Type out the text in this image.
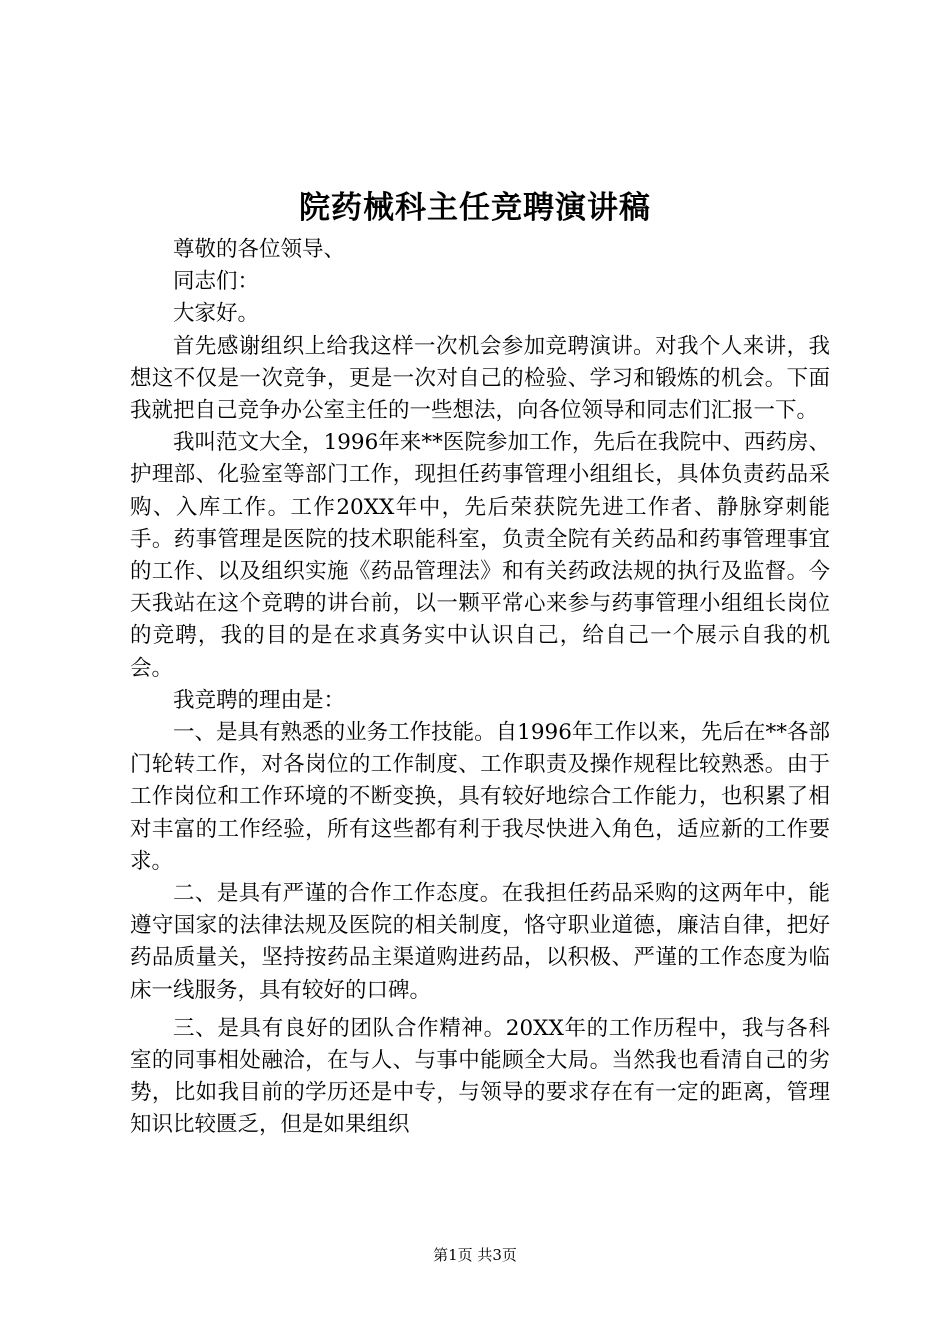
院药械科主任竞聘演讲稿

尊敬的各位领导、

同志们：

大家好。

首先感谢组织上给我这样一次机会参加竞聘演讲。对我个人来讲，我想这不仅是一次竞争，更是一次对自己的检验、学习和锻炼的机会。下面我就把自己竞争办公室主任的一些想法，向各位领导和同志们汇报一下。

我叫范文大全，1996年来**医院参加工作，先后在我院中、西药房、护理部、化验室等部门工作，现担任药事管理小组组长，具体负责药品采购、入库工作。工作20XX年中，先后荣获院先进工作者、静脉穿刺能手。药事管理是医院的技术职能科室，负责全院有关药品和药事管理事宜的工作、以及组织实施《药品管理法》和有关药政法规的执行及监督。今天我站在这个竞聘的讲台前，以一颗平常心来参与药事管理小组组长岗位的竞聘，我的目的是在求真务实中认识自己，给自己一个展示自我的机会。

我竞聘的理由是：

一、是具有熟悉的业务工作技能。自1996年工作以来，先后在**各部门轮转工作，对各岗位的工作制度、工作职责及操作规程比较熟悉。由于工作岗位和工作环境的不断变换，具有较好地综合工作能力，也积累了相对丰富的工作经验，所有这些都有利于我尽快进入角色，适应新的工作要求。

二、是具有严谨的合作工作态度。在我担任药品采购的这两年中，能遵守国家的法律法规及医院的相关制度，恪守职业道德，廉洁自律，把好药品质量关，坚持按药品主渠道购进药品，以积极、严谨的工作态度为临床一线服务，具有较好的口碑。

三、是具有良好的团队合作精神。20XX年的工作历程中，我与各科室的同事相处融洽，在与人、与事中能顾全大局。当然我也看清自己的劣势，比如我目前的学历还是中专，与领导的要求存在有一定的距离，管理知识比较匮乏，但是如果组织

第1页 共3页
